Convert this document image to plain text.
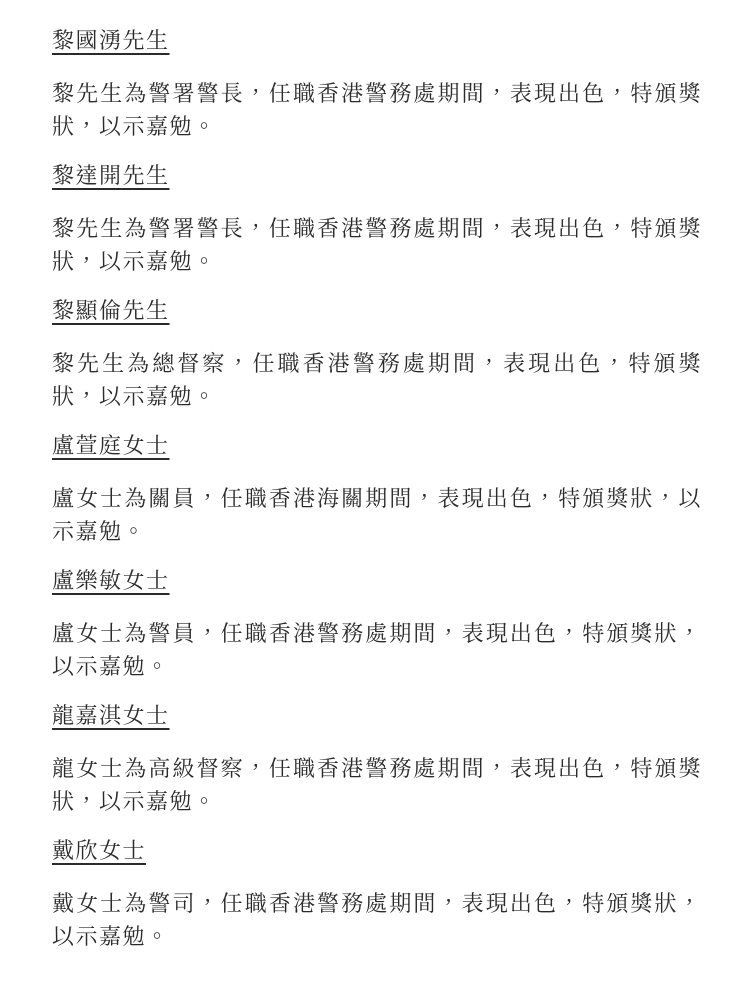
黎國湧先生

黎先生為警署警長，任職香港警務處期間，表現出色，特頒獎狀，以示嘉勉。

黎達開先生

黎先生為警署警長，任職香港警務處期間，表現出色，特頒獎狀，以示嘉勉。

黎顯倫先生

黎先生為總督察，任職香港警務處期間，表現出色，特頒獎狀，以示嘉勉。

盧萱庭女士

盧女士為關員，任職香港海關期間，表現出色，特頒獎狀，以示嘉勉。

盧樂敏女士

盧女士為警員，任職香港警務處期間，表現出色，特頒獎狀，以示嘉勉。

龍嘉淇女士

龍女士為高級督察，任職香港警務處期間，表現出色，特頒獎狀，以示嘉勉。

戴欣女士

戴女士為警司，任職香港警務處期間，表現出色，特頒獎狀，以示嘉勉。
